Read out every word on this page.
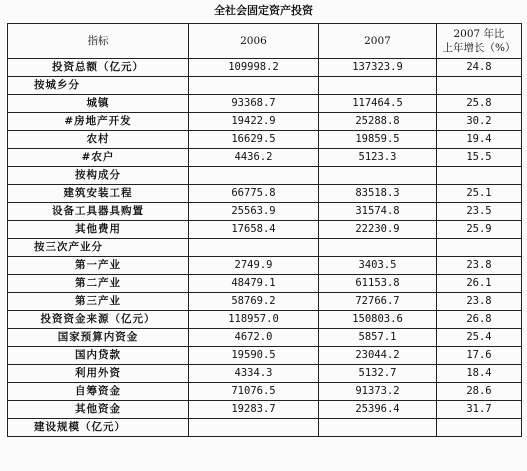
全社会固定资产投资
指标	2006	2007	2007 年比
上年增长（%）

投资总额（亿元）	109998.2	137323.9	24.8
按城乡分			
城镇	93368.7	117464.5	25.8
#房地产开发	19422.9	25288.8	30.2
农村	16629.5	19859.5	19.4
#农户	4436.2	5123.3	15.5
按构成分			
建筑安装工程	66775.8	83518.3	25.1
设备工具器具购置	25563.9	31574.8	23.5
其他费用	17658.4	22230.9	25.9
按三次产业分			
第一产业	2749.9	3403.5	23.8
第二产业	48479.1	61153.8	26.1
第三产业	58769.2	72766.7	23.8
投资资金来源（亿元）	118957.0	150803.6	26.8
国家预算内资金	4672.0	5857.1	25.4
国内贷款	19590.5	23044.2	17.6
利用外资	4334.3	5132.7	18.4
自筹资金	71076.5	91373.2	28.6
其他资金	19283.7	25396.4	31.7
建设规模（亿元）			
